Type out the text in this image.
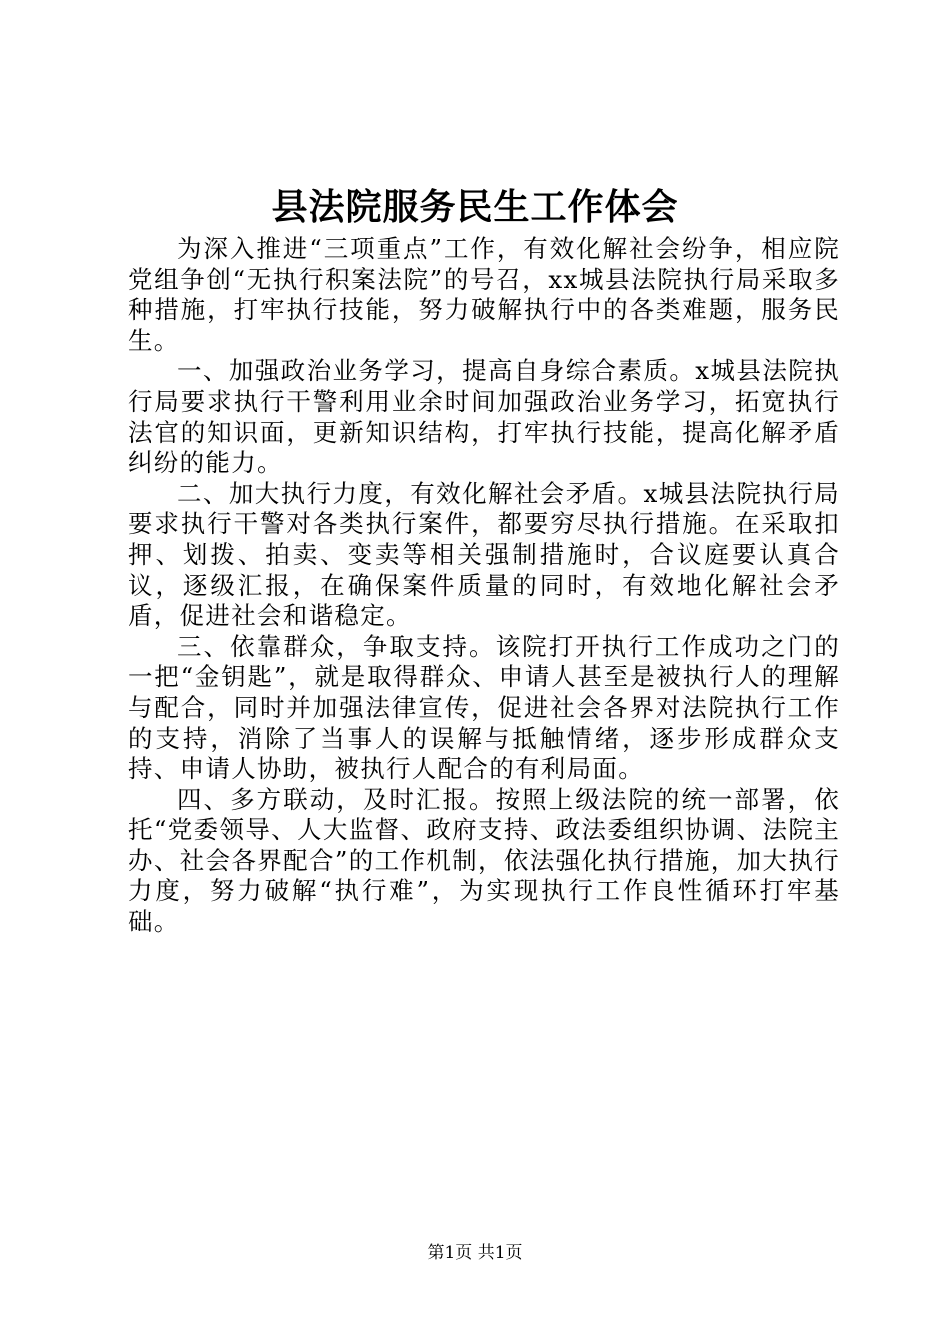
县法院服务民生工作体会

为深入推进“三项重点”工作，有效化解社会纷争，相应院党组争创“无执行积案法院”的号召，xx城县法院执行局采取多种措施，打牢执行技能，努力破解执行中的各类难题，服务民生。

一、加强政治业务学习，提高自身综合素质。x城县法院执行局要求执行干警利用业余时间加强政治业务学习，拓宽执行法官的知识面，更新知识结构，打牢执行技能，提高化解矛盾纠纷的能力。

二、加大执行力度，有效化解社会矛盾。x城县法院执行局要求执行干警对各类执行案件，都要穷尽执行措施。在采取扣押、划拨、拍卖、变卖等相关强制措施时，合议庭要认真合议，逐级汇报，在确保案件质量的同时，有效地化解社会矛盾，促进社会和谐稳定。

三、依靠群众，争取支持。该院打开执行工作成功之门的一把“金钥匙”，就是取得群众、申请人甚至是被执行人的理解与配合，同时并加强法律宣传，促进社会各界对法院执行工作的支持，消除了当事人的误解与抵触情绪，逐步形成群众支持、申请人协助，被执行人配合的有利局面。

四、多方联动，及时汇报。按照上级法院的统一部署，依托“党委领导、人大监督、政府支持、政法委组织协调、法院主办、社会各界配合”的工作机制，依法强化执行措施，加大执行力度，努力破解“执行难”，为实现执行工作良性循环打牢基础。

第1页 共1页
